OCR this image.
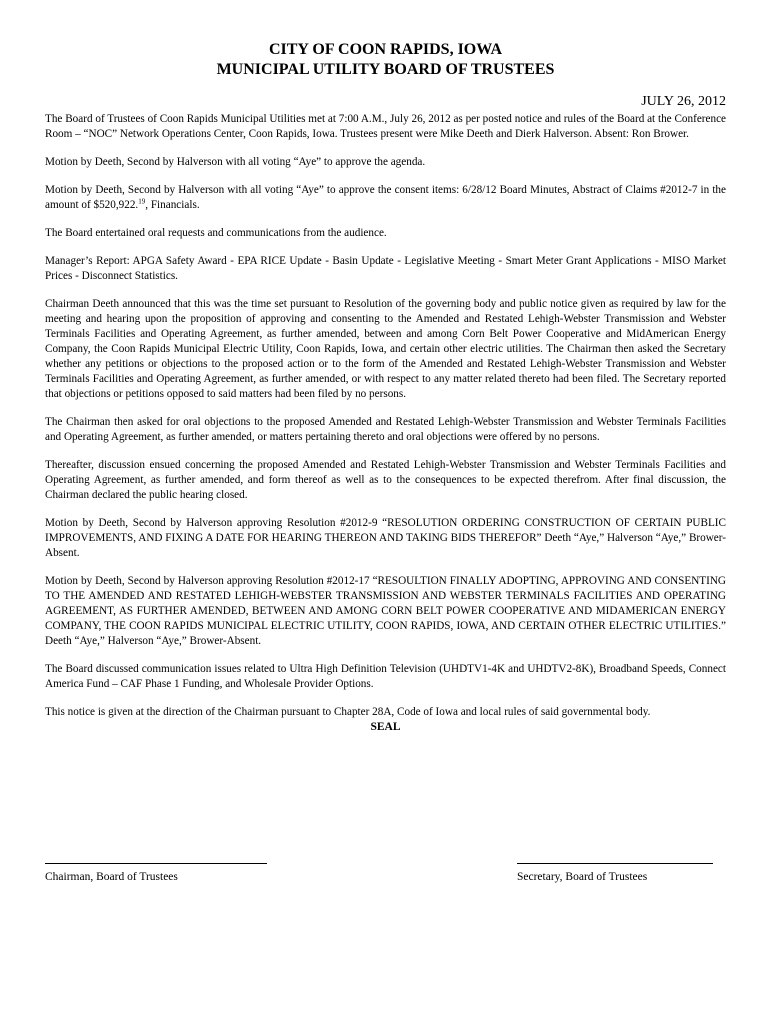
CITY OF COON RAPIDS, IOWA
MUNICIPAL UTILITY BOARD OF TRUSTEES
JULY 26, 2012

The Board of Trustees of Coon Rapids Municipal Utilities met at 7:00 A.M., July 26, 2012 as per posted notice and rules of the Board at the Conference Room – “NOC” Network Operations Center, Coon Rapids, Iowa. Trustees present were Mike Deeth and Dierk Halverson. Absent: Ron Brower.

Motion by Deeth, Second by Halverson with all voting “Aye” to approve the agenda.

Motion by Deeth, Second by Halverson with all voting “Aye” to approve the consent items: 6/28/12 Board Minutes, Abstract of Claims #2012-7 in the amount of $520,922.19, Financials.

The Board entertained oral requests and communications from the audience.

Manager’s Report: APGA Safety Award - EPA RICE Update - Basin Update - Legislative Meeting - Smart Meter Grant Applications - MISO Market Prices - Disconnect Statistics.

Chairman Deeth announced that this was the time set pursuant to Resolution of the governing body and public notice given as required by law for the meeting and hearing upon the proposition of approving and consenting to the Amended and Restated Lehigh-Webster Transmission and Webster Terminals Facilities and Operating Agreement, as further amended, between and among Corn Belt Power Cooperative and MidAmerican Energy Company, the Coon Rapids Municipal Electric Utility, Coon Rapids, Iowa, and certain other electric utilities. The Chairman then asked the Secretary whether any petitions or objections to the proposed action or to the form of the Amended and Restated Lehigh-Webster Transmission and Webster Terminals Facilities and Operating Agreement, as further amended, or with respect to any matter related thereto had been filed. The Secretary reported that objections or petitions opposed to said matters had been filed by no persons.

The Chairman then asked for oral objections to the proposed Amended and Restated Lehigh-Webster Transmission and Webster Terminals Facilities and Operating Agreement, as further amended, or matters pertaining thereto and oral objections were offered by no persons.

Thereafter, discussion ensued concerning the proposed Amended and Restated Lehigh-Webster Transmission and Webster Terminals Facilities and Operating Agreement, as further amended, and form thereof as well as to the consequences to be expected therefrom. After final discussion, the Chairman declared the public hearing closed.

Motion by Deeth, Second by Halverson approving Resolution #2012-9 “RESOLUTION ORDERING CONSTRUCTION OF CERTAIN PUBLIC IMPROVEMENTS, AND FIXING A DATE FOR HEARING THEREON AND TAKING BIDS THEREFOR” Deeth “Aye,” Halverson “Aye,” Brower-Absent.

Motion by Deeth, Second by Halverson approving Resolution #2012-17 “RESOULTION FINALLY ADOPTING, APPROVING AND CONSENTING TO THE AMENDED AND RESTATED LEHIGH-WEBSTER TRANSMISSION AND WEBSTER TERMINALS FACILITIES AND OPERATING AGREEMENT, AS FURTHER AMENDED, BETWEEN AND AMONG CORN BELT POWER COOPERATIVE AND MIDAMERICAN ENERGY COMPANY, THE COON RAPIDS MUNICIPAL ELECTRIC UTILITY, COON RAPIDS, IOWA, AND CERTAIN OTHER ELECTRIC UTILITIES.” Deeth “Aye,” Halverson “Aye,” Brower-Absent.

The Board discussed communication issues related to Ultra High Definition Television (UHDTV1-4K and UHDTV2-8K), Broadband Speeds, Connect America Fund – CAF Phase 1 Funding, and Wholesale Provider Options.

This notice is given at the direction of the Chairman pursuant to Chapter 28A, Code of Iowa and local rules of said governmental body.

SEAL
Chairman, Board of Trustees	Secretary, Board of Trustees
